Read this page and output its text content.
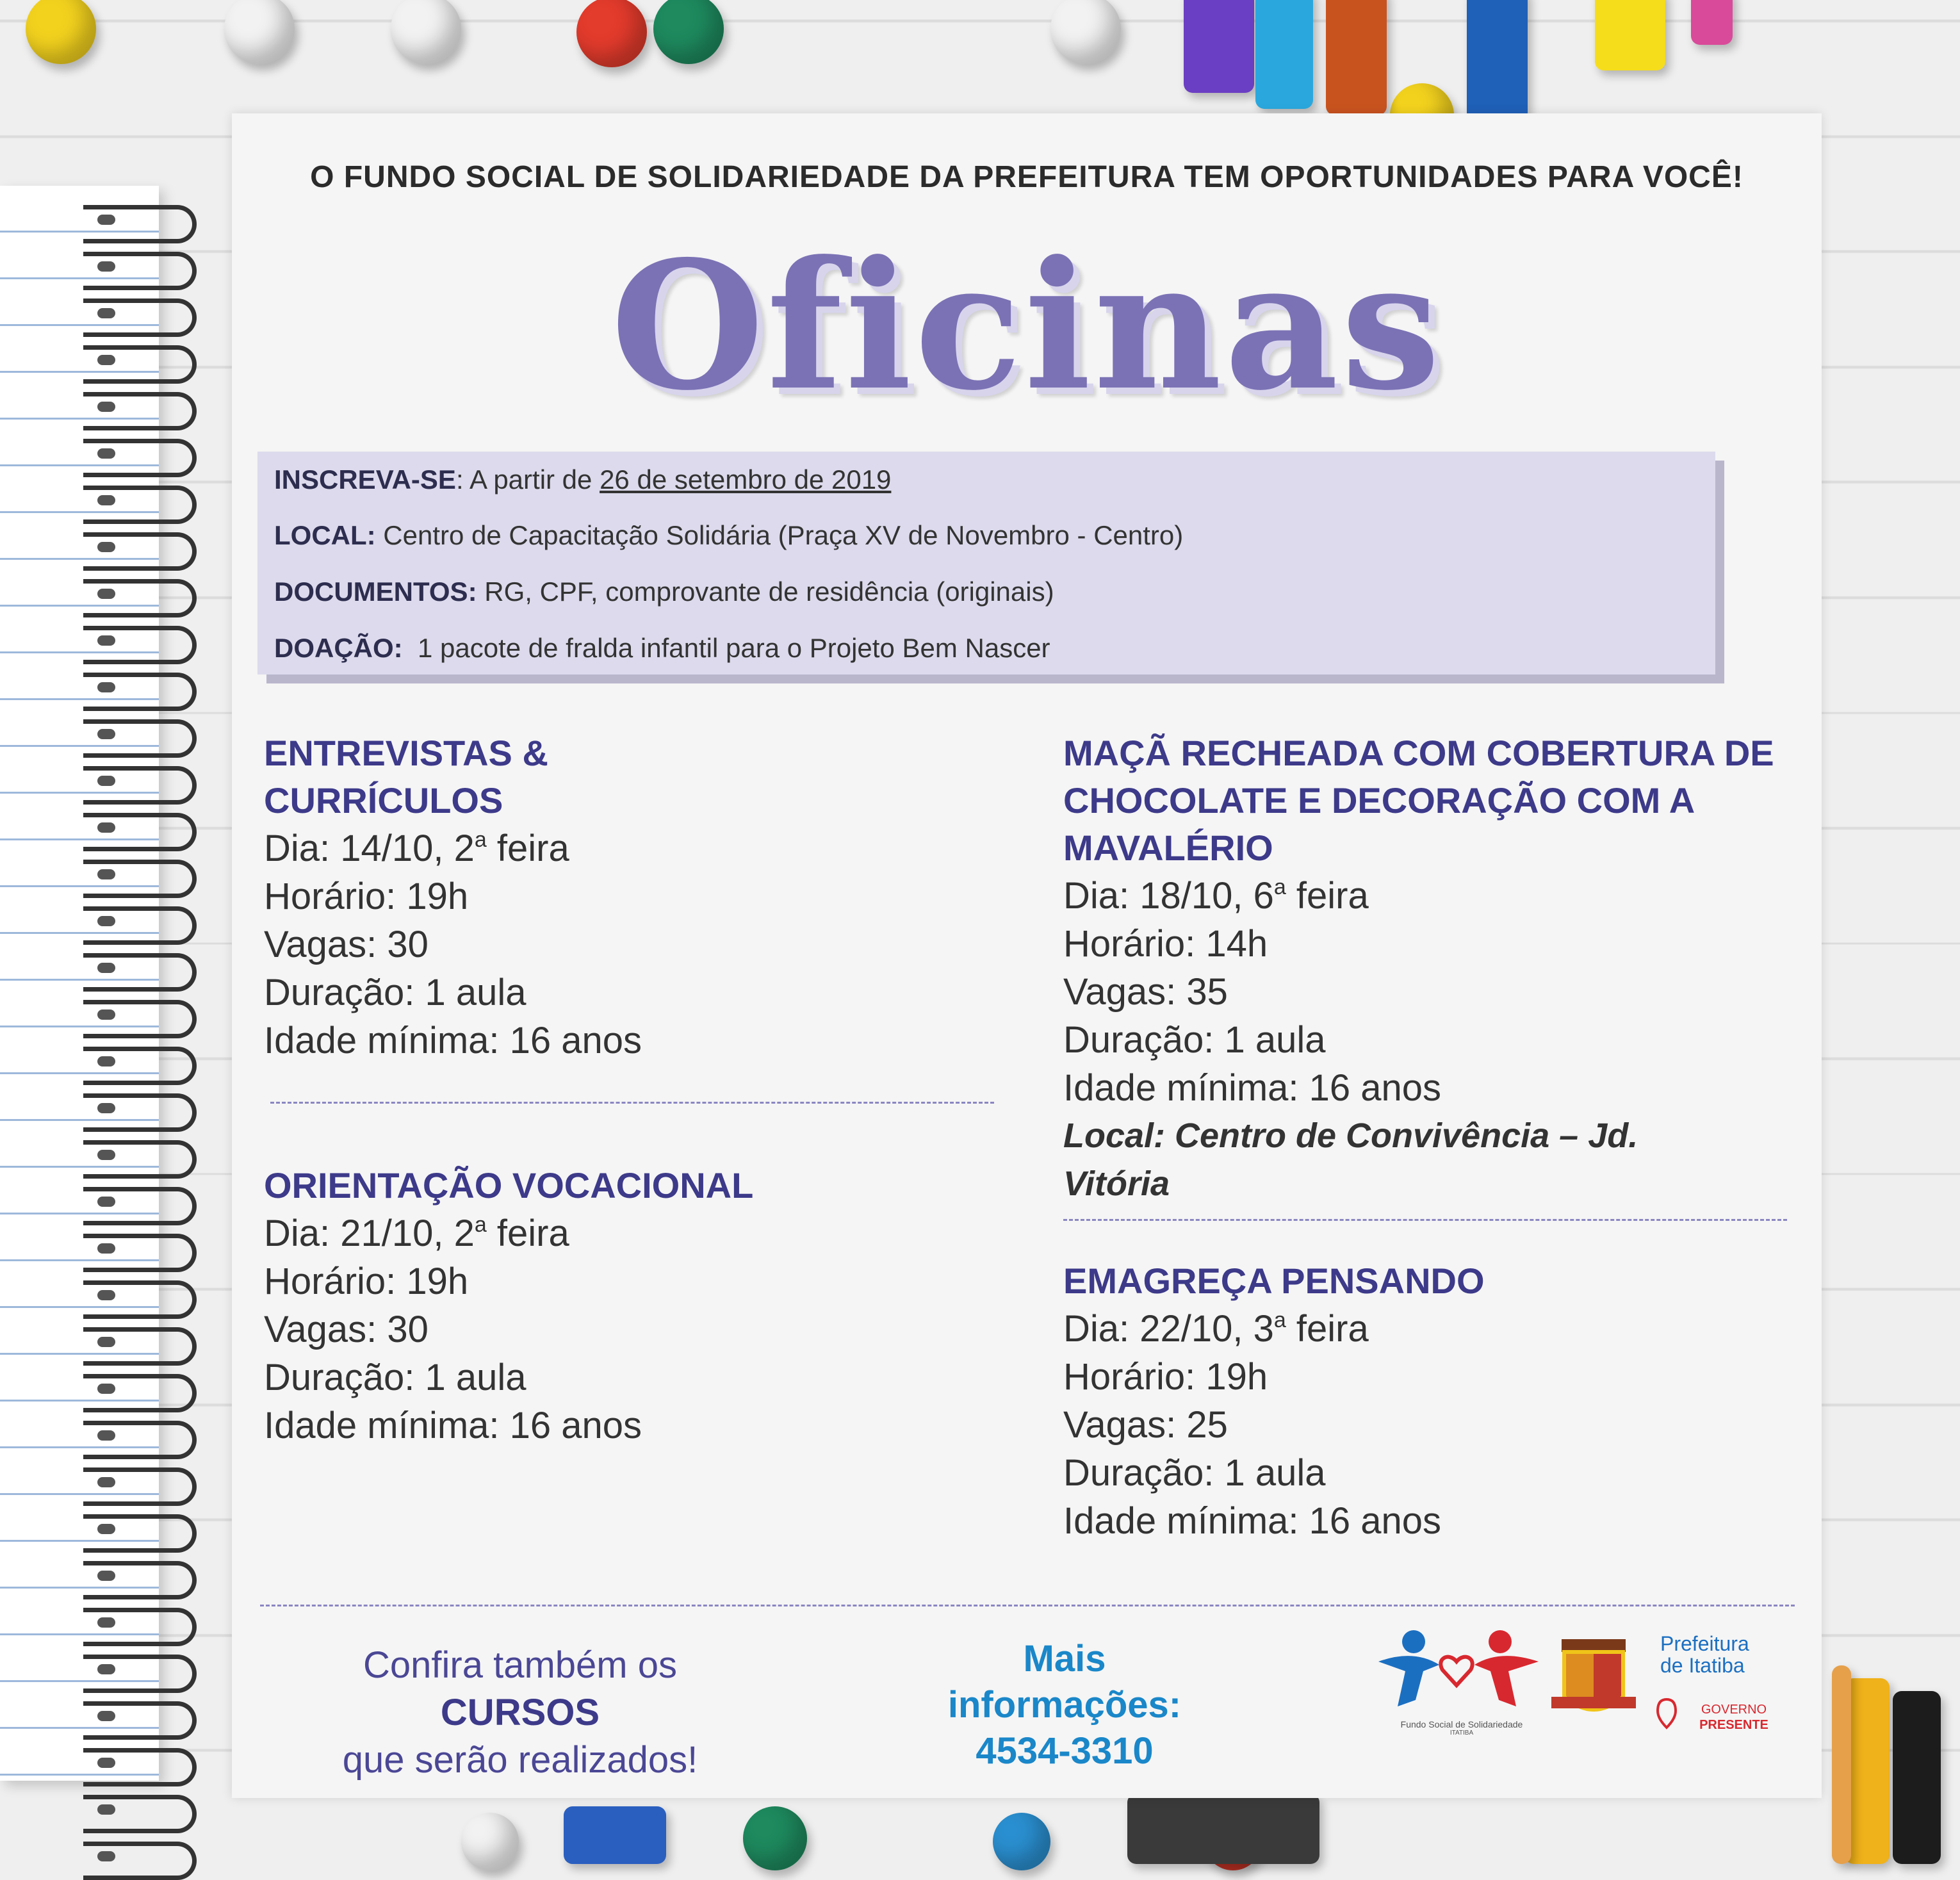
O FUNDO SOCIAL DE SOLIDARIEDADE DA PREFEITURA TEM OPORTUNIDADES PARA VOCÊ!
Oficinas
INSCREVA-SE: A partir de 26 de setembro de 2019
LOCAL: Centro de Capacitação Solidária (Praça XV de Novembro - Centro)
DOCUMENTOS: RG, CPF, comprovante de residência (originais)
DOAÇÃO:  1 pacote de fralda infantil para o Projeto Bem Nascer
ENTREVISTAS &
CURRÍCULOS
Dia: 14/10, 2$^a$ feira
Horário: 19h
Vagas: 30
Duração: 1 aula
Idade mínima: 16 anos
ORIENTAÇÃO VOCACIONAL
Dia: 21/10, 2$^a$ feira
Horário: 19h
Vagas: 30
Duração: 1 aula
Idade mínima: 16 anos
MAÇÃ RECHEADA COM COBERTURA DE
CHOCOLATE E DECORAÇÃO COM A
MAVALÉRIO
Dia: 18/10, 6$^a$ feira
Horário: 14h
Vagas: 35
Duração: 1 aula
Idade mínima: 16 anos
Local: Centro de Convivência – Jd.
Vitória
EMAGREÇA PENSANDO
Dia: 22/10, 3$^a$ feira
Horário: 19h
Vagas: 25
Duração: 1 aula
Idade mínima: 16 anos
Confira também os CURSOS
que serão realizados!
Mais informações:
4534-3310
Fundo Social de Solidariedade
ITATIBA
Prefeitura
de Itatiba
GOVERNO
PRESENTE
